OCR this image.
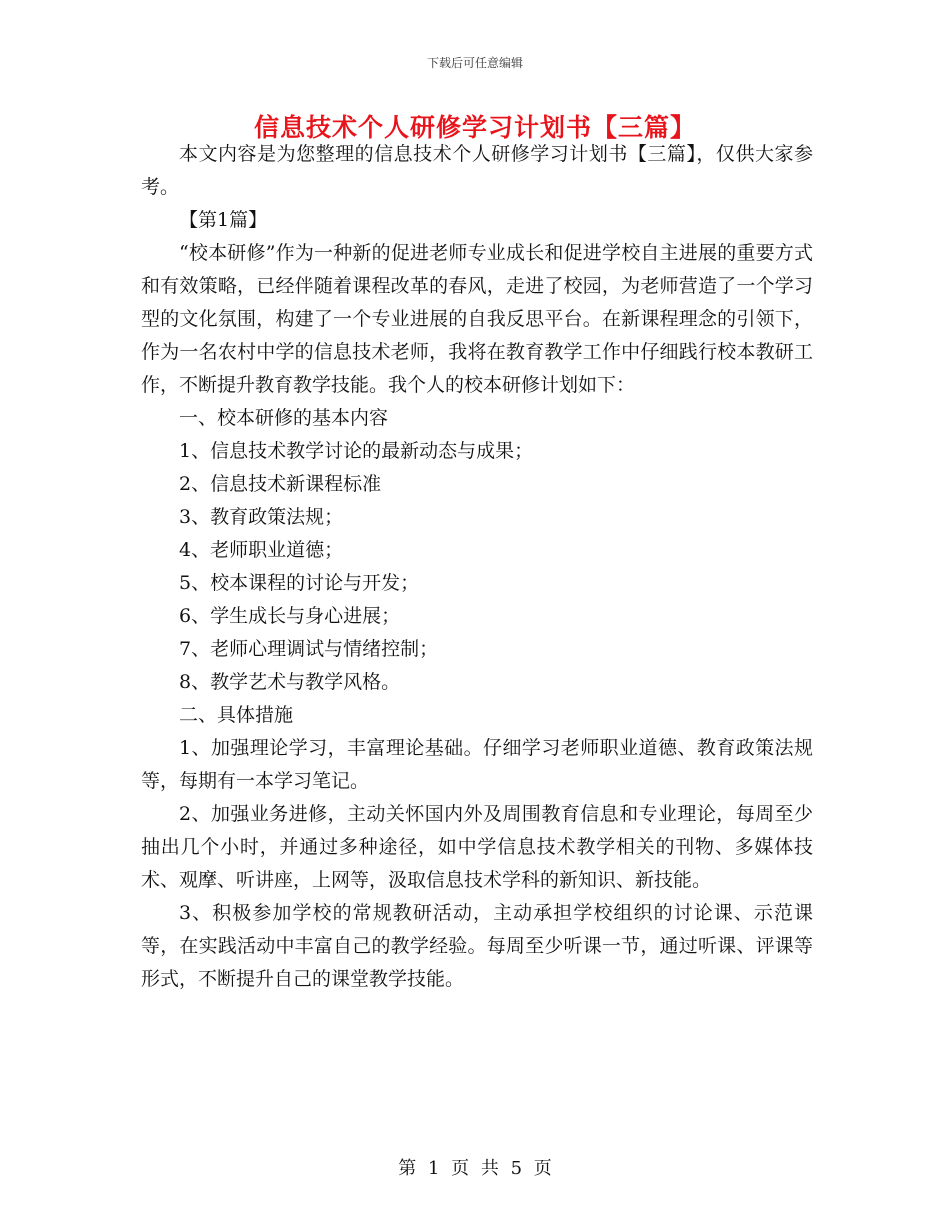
下载后可任意编辑
信息技术个人研修学习计划书【三篇】

本文内容是为您整理的信息技术个人研修学习计划书【三篇】，仅供大家参考。

【第1篇】

“校本研修”作为一种新的促进老师专业成长和促进学校自主进展的重要方式和有效策略，已经伴随着课程改革的春风，走进了校园，为老师营造了一个学习型的文化氛围，构建了一个专业进展的自我反思平台。在新课程理念的引领下，作为一名农村中学的信息技术老师，我将在教育教学工作中仔细践行校本教研工作，不断提升教育教学技能。我个人的校本研修计划如下：

一、校本研修的基本内容

1、信息技术教学讨论的最新动态与成果；

2、信息技术新课程标准

3、教育政策法规；

4、老师职业道德；

5、校本课程的讨论与开发；

6、学生成长与身心进展；

7、老师心理调试与情绪控制；

8、教学艺术与教学风格。

二、具体措施

1、加强理论学习，丰富理论基础。仔细学习老师职业道德、教育政策法规等，每期有一本学习笔记。

2、加强业务进修，主动关怀国内外及周围教育信息和专业理论，每周至少抽出几个小时，并通过多种途径，如中学信息技术教学相关的刊物、多媒体技术、观摩、听讲座，上网等，汲取信息技术学科的新知识、新技能。

3、积极参加学校的常规教研活动，主动承担学校组织的讨论课、示范课等，在实践活动中丰富自己的教学经验。每周至少听课一节，通过听课、评课等形式，不断提升自己的课堂教学技能。

第 1 页 共 5 页
